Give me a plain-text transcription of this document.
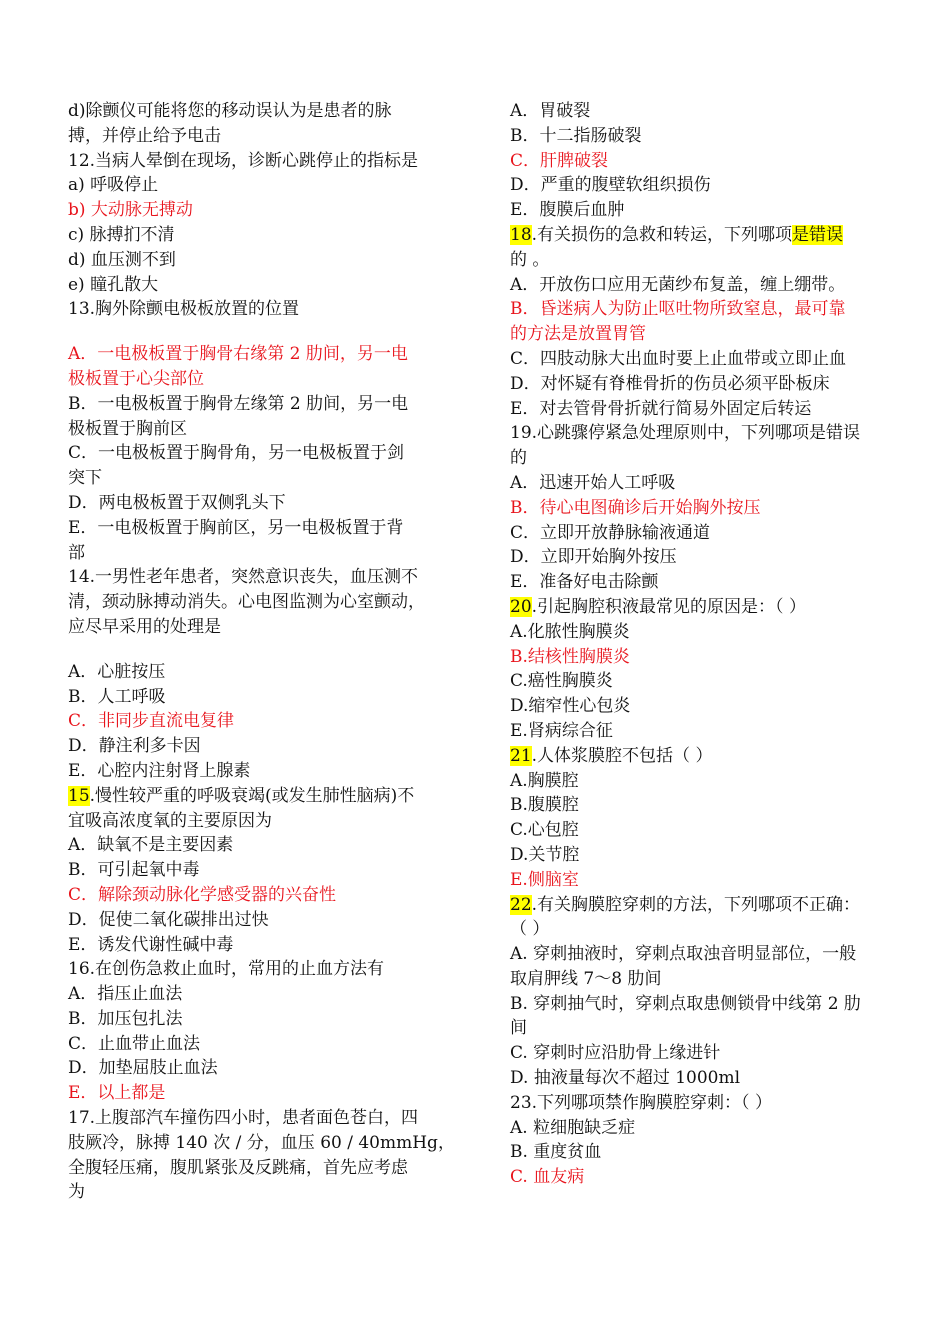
d)除颤仪可能将您的移动误认为是患者的脉
搏，并停止给予电击
12.当病人晕倒在现场，诊断心跳停止的指标是
a) 呼吸停止
b) 大动脉无搏动
c) 脉搏扪不清
d) 血压测不到
e) 瞳孔散大
13.胸外除颤电极板放置的位置
A．一电极板置于胸骨右缘第 2 肋间，另一电
极板置于心尖部位
B．一电极板置于胸骨左缘第 2 肋间，另一电
极板置于胸前区
C．一电极板置于胸骨角，另一电极板置于剑
突下
D．两电极板置于双侧乳头下
E．一电极板置于胸前区，另一电极板置于背
部
14.一男性老年患者，突然意识丧失，血压测不
清，颈动脉搏动消失。心电图监测为心室颤动，
应尽早采用的处理是
A．心脏按压
B．人工呼吸
C．非同步直流电复律
D．静注利多卡因
E．心腔内注射肾上腺素
15.慢性较严重的呼吸衰竭(或发生肺性脑病)不
宜吸高浓度氧的主要原因为
A．缺氧不是主要因素
B．可引起氧中毒
C．解除颈动脉化学感受器的兴奋性
D．促使二氧化碳排出过快
E．诱发代谢性碱中毒
16.在创伤急救止血时，常用的止血方法有
A．指压止血法
B．加压包扎法
C．止血带止血法
D．加垫屈肢止血法
E．以上都是
17.上腹部汽车撞伤四小时，患者面色苍白，四
肢厥冷，脉搏 140 次 / 分，血压 60 / 40mmHg，
全腹轻压痛，腹肌紧张及反跳痛，首先应考虑
为
A．胃破裂
B．十二指肠破裂
C．肝脾破裂
D．严重的腹壁软组织损伤
E．腹膜后血肿
18.有关损伤的急救和转运，下列哪项是错误
的 。
A．开放伤口应用无菌纱布复盖，缠上绷带。
B．昏迷病人为防止呕吐物所致窒息，最可靠
的方法是放置胃管
C．四肢动脉大出血时要上止血带或立即止血
D．对怀疑有脊椎骨折的伤员必须平卧板床
E．对去管骨骨折就行简易外固定后转运
19.心跳骤停紧急处理原则中，下列哪项是错误
的
A．迅速开始人工呼吸
B．待心电图确诊后开始胸外按压
C．立即开放静脉输液通道
D．立即开始胸外按压
E．准备好电击除颤
20.引起胸腔积液最常见的原因是：（ ）
A.化脓性胸膜炎
B.结核性胸膜炎
C.癌性胸膜炎
D.缩窄性心包炎
E.肾病综合征
21.人体浆膜腔不包括（ ）
A.胸膜腔
B.腹膜腔
C.心包腔
D.关节腔
E.侧脑室
22.有关胸膜腔穿刺的方法，下列哪项不正确：
（ ）
A. 穿刺抽液时，穿刺点取浊音明显部位，一般
取肩胛线 7～8 肋间
B. 穿刺抽气时，穿刺点取患侧锁骨中线第 2 肋
间
C. 穿刺时应沿肋骨上缘进针
D. 抽液量每次不超过 1000ml
23.下列哪项禁作胸膜腔穿刺：（ ）
A. 粒细胞缺乏症
B. 重度贫血
C. 血友病
